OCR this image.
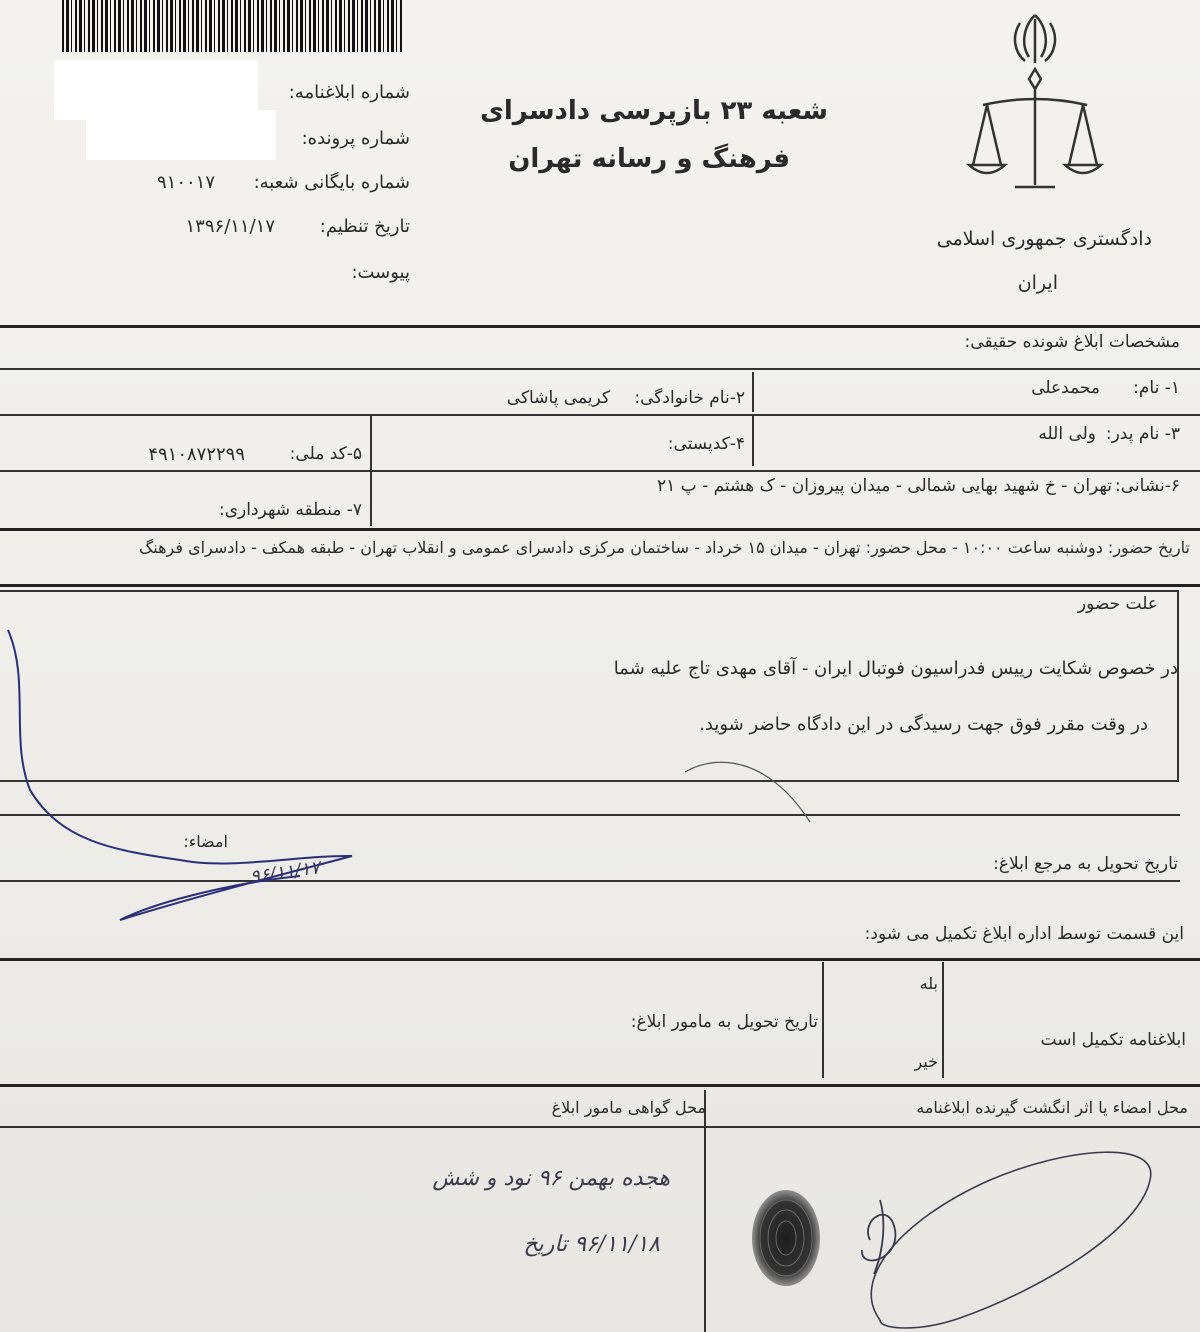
شماره ابلاغنامه:
شماره پرونده:
شماره بایگانی شعبه:
۹۱۰۰۱۷
تاریخ تنظیم:
۱۳۹۶/۱۱/۱۷
پیوست:
شعبه ۲۳ بازپرسی دادسرای
فرهنگ و رسانه تهران
دادگستری جمهوری اسلامی
ایران
مشخصات ابلاغ شونده حقیقی:
۱- نام:
محمدعلی
۲-نام خانوادگی:
کریمی پاشاکی
۳- نام پدر:
ولی الله
۴-کدپستی:
۵-کد ملی:
۴۹۱۰۸۷۲۲۹۹
۶-نشانی:
تهران - خ شهید بهایی شمالی - میدان پیروزان - ک هشتم - پ ۲۱
۷- منطقه شهرداری:
تاریخ حضور: دوشنبه ساعت ۱۰:۰۰ - محل حضور: تهران - میدان ۱۵ خرداد - ساختمان مرکزی دادسرای عمومی و انقلاب تهران - طبقه همکف - دادسرای فرهنگ
علت حضور
در خصوص شکایت رییس فدراسیون فوتبال ایران - آقای مهدی تاج علیه شما
در وقت مقرر فوق جهت رسیدگی در این دادگاه حاضر شوید.
امضاء:
تاریخ تحویل به مرجع ابلاغ:
۹۶/۱۱/۱۷
این قسمت توسط اداره ابلاغ تکمیل می شود:
ابلاغنامه تکمیل است
بله
خیر
تاریخ تحویل به مامور ابلاغ:
محل امضاء یا اثر انگشت گیرنده ابلاغنامه
محل گواهی مامور ابلاغ
هجده بهمن ۹۶ نود و شش
۹۶/۱۱/۱۸ تاریخ
